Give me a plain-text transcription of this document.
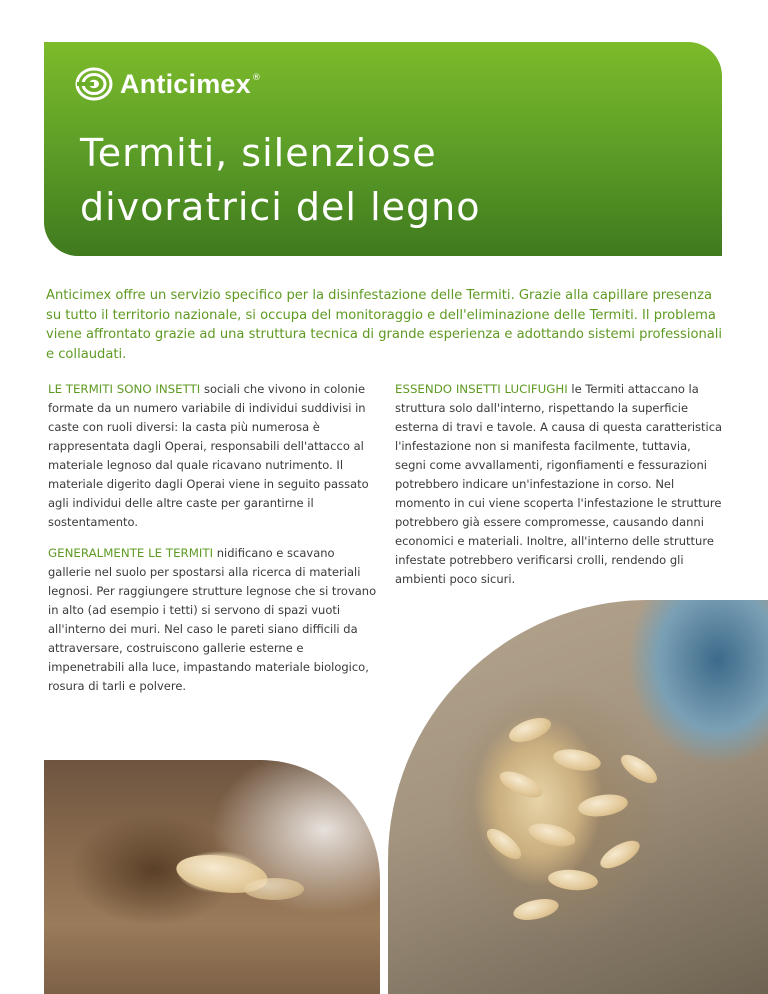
Anticimex ®
Termiti, silenziose
divoratrici del legno

Anticimex offre un servizio specifico per la disinfestazione delle Termiti. Grazie alla capillare presenza su tutto il territorio nazionale, si occupa del monitoraggio e dell'eliminazione delle Termiti. Il problema viene affrontato grazie ad una struttura tecnica di grande esperienza e adottando sistemi professionali e collaudati.

LE TERMITI SONO INSETTI sociali che vivono in colonie formate da un numero variabile di individui suddivisi in caste con ruoli diversi: la casta più numerosa è rappresentata dagli Operai, responsabili dell'attacco al materiale legnoso dal quale ricavano nutrimento. Il materiale digerito dagli Operai viene in seguito passato agli individui delle altre caste per garantirne il sostentamento.

GENERALMENTE LE TERMITI nidificano e scavano gallerie nel suolo per spostarsi alla ricerca di materiali legnosi. Per raggiungere strutture legnose che si trovano in alto (ad esempio i tetti) si servono di spazi vuoti all'interno dei muri. Nel caso le pareti siano difficili da attraversare, costruiscono gallerie esterne e impenetrabili alla luce, impastando materiale biologico, rosura di tarli e polvere.

ESSENDO INSETTI LUCIFUGHI le Termiti attaccano la struttura solo dall'interno, rispettando la superficie esterna di travi e tavole. A causa di questa caratteristica l'infestazione non si manifesta facilmente, tuttavia, segni come avvallamenti, rigonfiamenti e fessurazioni potrebbero indicare un'infestazione in corso. Nel momento in cui viene scoperta l'infestazione le strutture potrebbero già essere compromesse, causando danni economici e materiali. Inoltre, all'interno delle strutture infestate potrebbero verificarsi crolli, rendendo gli ambienti poco sicuri.
